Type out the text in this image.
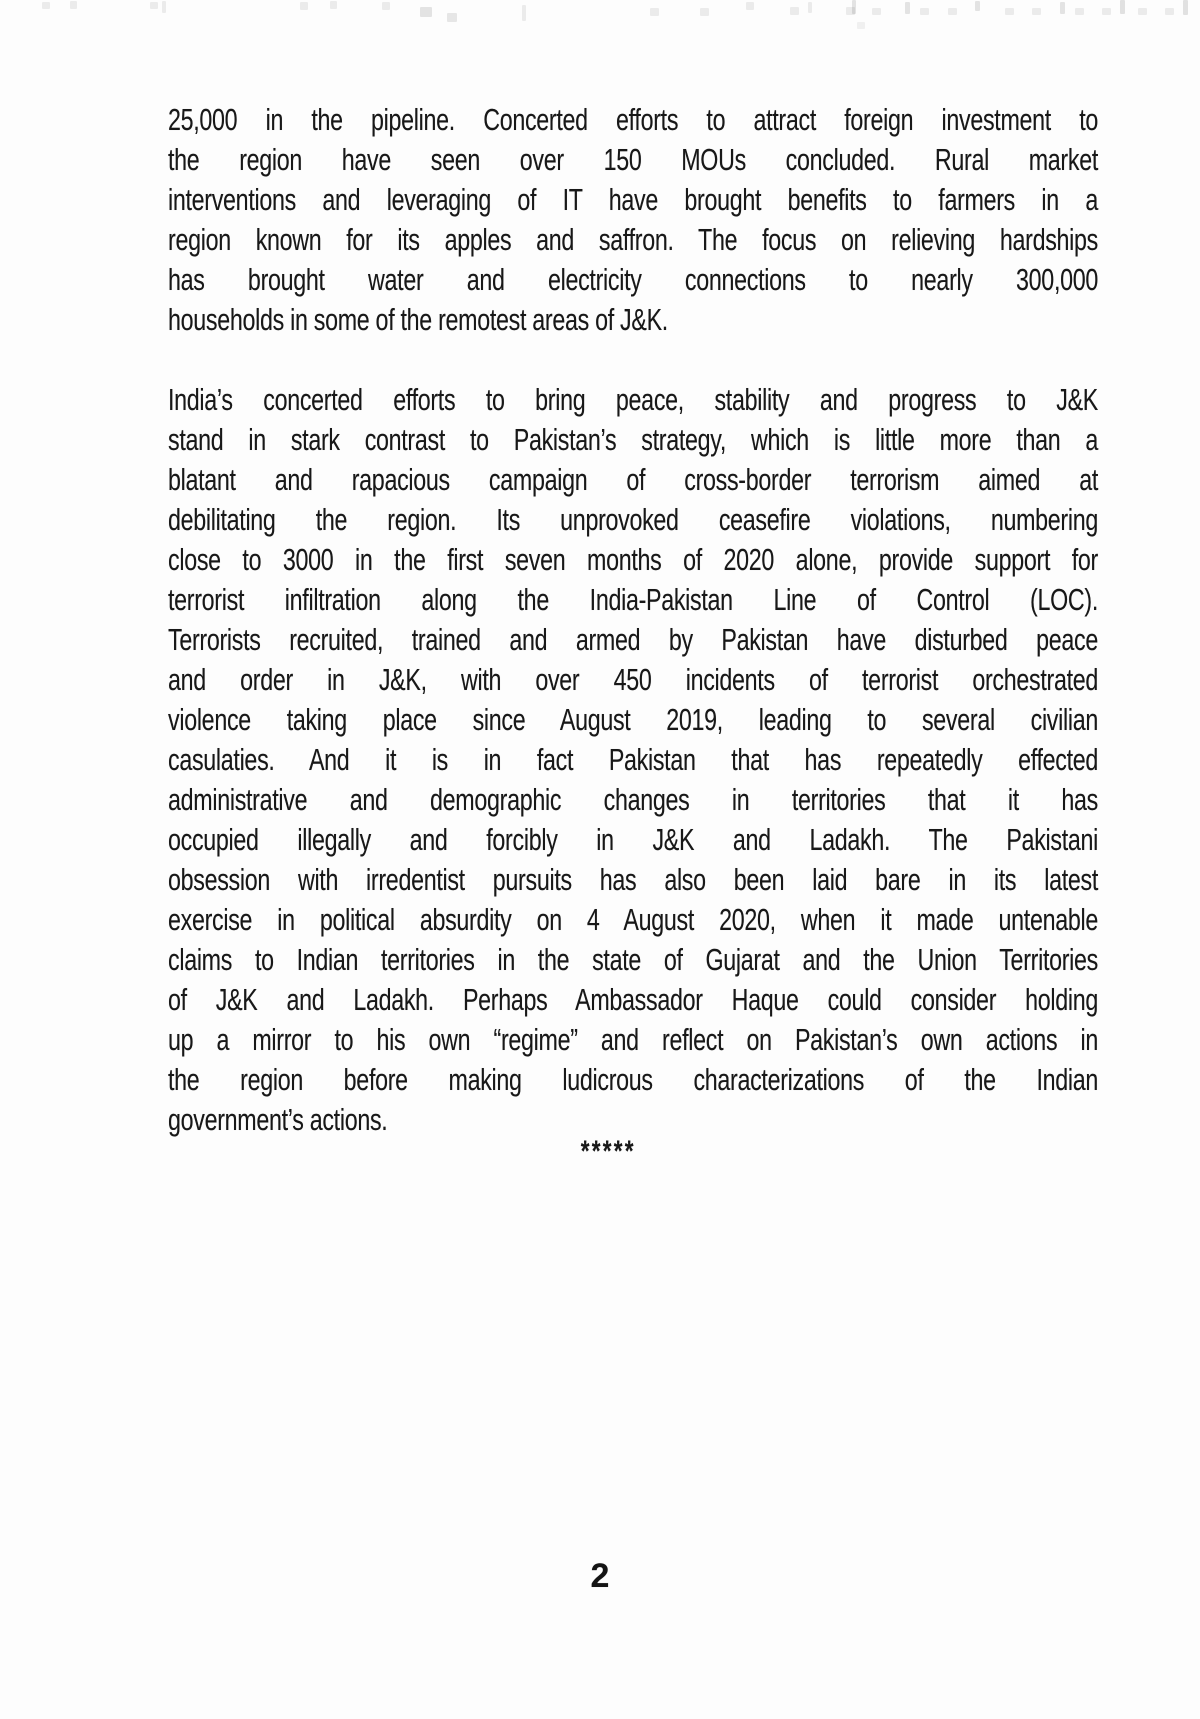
25,000 in the pipeline. Concerted efforts to attract foreign investment to
the region have seen over 150 MOUs concluded. Rural market
interventions and leveraging of IT have brought benefits to farmers in a
region known for its apples and saffron. The focus on relieving hardships
has brought water and electricity connections to nearly 300,000
households in some of the remotest areas of J&K.
India’s concerted efforts to bring peace, stability and progress to J&K
stand in stark contrast to Pakistan’s strategy, which is little more than a
blatant and rapacious campaign of cross-border terrorism aimed at
debilitating the region. Its unprovoked ceasefire violations, numbering
close to 3000 in the first seven months of 2020 alone, provide support for
terrorist infiltration along the India-Pakistan Line of Control (LOC).
Terrorists recruited, trained and armed by Pakistan have disturbed peace
and order in J&K, with over 450 incidents of terrorist orchestrated
violence taking place since August 2019, leading to several civilian
casulaties. And it is in fact Pakistan that has repeatedly effected
administrative and demographic changes in territories that it has
occupied illegally and forcibly in J&K and Ladakh. The Pakistani
obsession with irredentist pursuits has also been laid bare in its latest
exercise in political absurdity on 4 August 2020, when it made untenable
claims to Indian territories in the state of Gujarat and the Union Territories
of J&K and Ladakh. Perhaps Ambassador Haque could consider holding
up a mirror to his own “regime” and reflect on Pakistan’s own actions in
the region before making ludicrous characterizations of the Indian
government’s actions.
*****
2
